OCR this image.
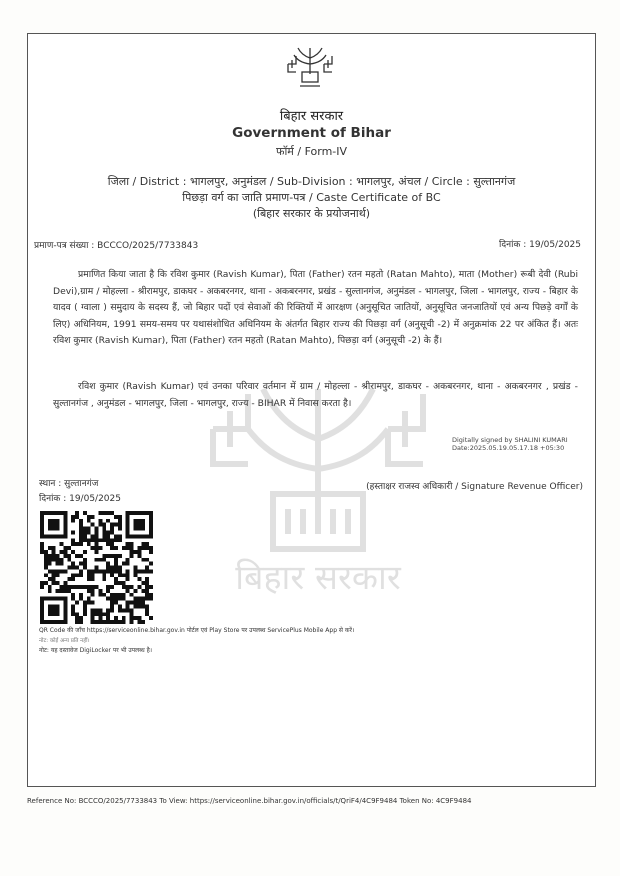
बिहार सरकार
बिहार सरकार
Government of Bihar
फॉर्म / Form-IV
जिला / District : भागलपुर, अनुमंडल / Sub-Division : भागलपुर, अंचल / Circle : सुल्तानगंज
पिछड़ा वर्ग का जाति प्रमाण-पत्र / Caste Certificate of BC
(बिहार सरकार के प्रयोजनार्थ)
प्रमाण-पत्र संख्या : BCCCO/2025/7733843	दिनांक : 19/05/2025
प्रमाणित किया जाता है कि रविश कुमार (Ravish Kumar), पिता (Father) रतन महतो (Ratan Mahto), माता (Mother) रूबी देवी (Rubi Devi),ग्राम / मोहल्ला - श्रीरामपुर, डाकघर - अकबरनगर, थाना - अकबरनगर, प्रखंड - सुल्तानगंज, अनुमंडल - भागलपुर, जिला - भागलपुर, राज्य - बिहार के यादव ( ग्वाला ) समुदाय के सदस्य हैं, जो बिहार पदों एवं सेवाओं की रिक्तियों में आरक्षण (अनुसूचित जातियों, अनुसूचित जनजातियों एवं अन्य पिछड़े वर्गों के लिए) अधिनियम, 1991 समय-समय पर यथासंशोधित अधिनियम के अंतर्गत बिहार राज्य की पिछड़ा वर्ग (अनुसूची -2) में अनुक्रमांक 22 पर अंकित हैं। अतः रविश कुमार (Ravish Kumar), पिता (Father) रतन महतो (Ratan Mahto), पिछड़ा वर्ग (अनुसूची -2) के हैं।
रविश कुमार (Ravish Kumar) एवं उनका परिवार वर्तमान में ग्राम / मोहल्ला - श्रीरामपुर, डाकघर - अकबरनगर, थाना - अकबरनगर , प्रखंड - सुल्तानगंज , अनुमंडल - भागलपुर, जिला - भागलपुर, राज्य - BIHAR में निवास करता है।
Digitally signed by SHALINI KUMARI
Date:2025.05.19.05.17.18 +05:30
स्थान : सुल्तानगंज
दिनांक : 19/05/2025
(हस्ताक्षर राजस्व अधिकारी / Signature Revenue Officer)
QR Code की जाँच https://serviceonline.bihar.gov.in पोर्टल एवं Play Store पर उपलब्ध ServicePlus Mobile App से करें।
नोट: कोई अन्य प्रति नहीं।
नोट: यह दस्तावेज DigiLocker पर भी उपलब्ध है।
Reference No: BCCCO/2025/7733843 To View: https://serviceonline.bihar.gov.in/officials/t/QriF4/4C9F9484 Token No: 4C9F9484
